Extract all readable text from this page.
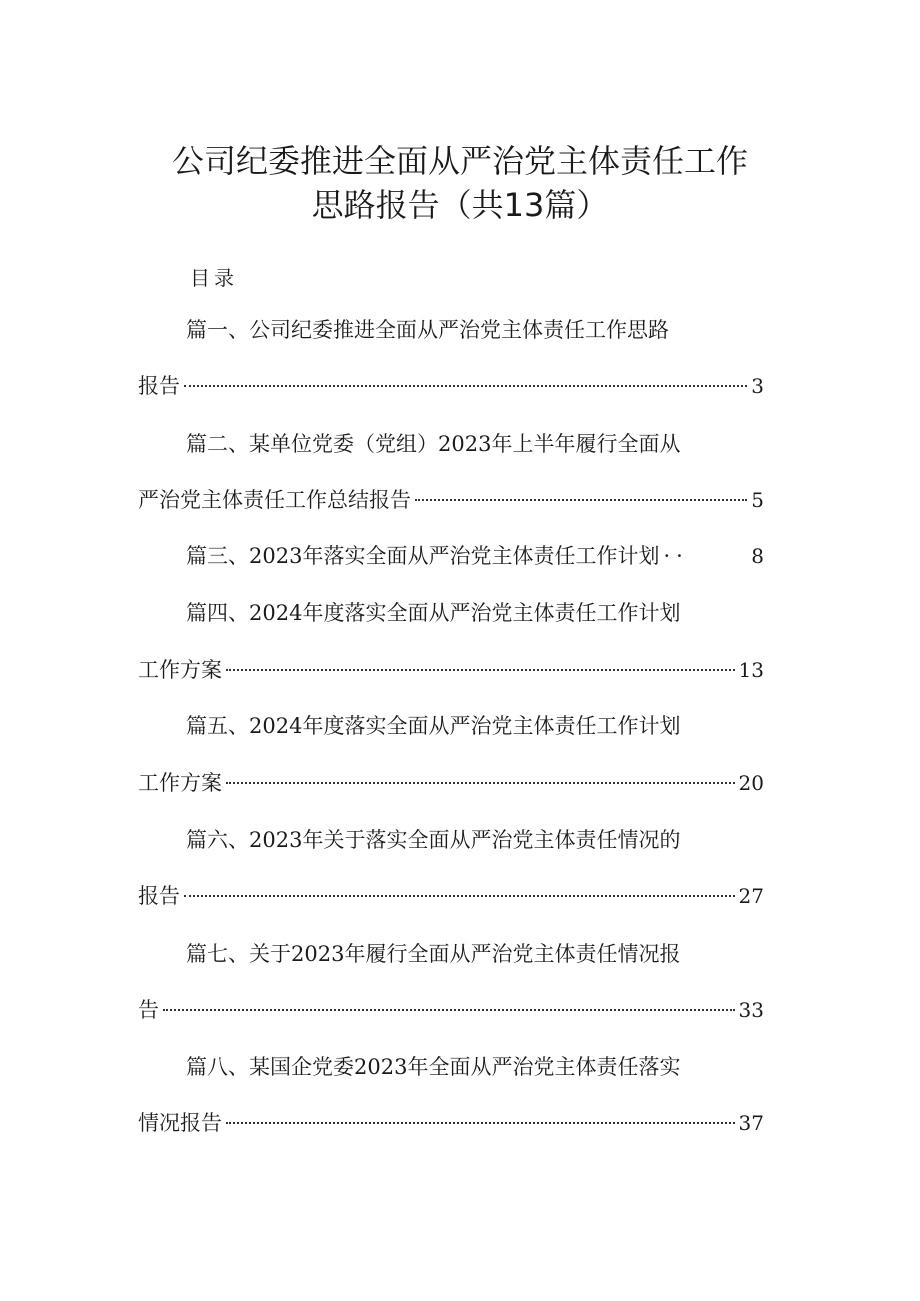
公司纪委推进全面从严治党主体责任工作
思路报告（共13篇）
目录
篇一、公司纪委推进全面从严治党主体责任工作思路
报告	3
篇二、某单位党委（党组）2023年上半年履行全面从
严治党主体责任工作总结报告	5
篇三、2023年落实全面从严治党主体责任工作计划 ··	8
篇四、2024年度落实全面从严治党主体责任工作计划
工作方案	13
篇五、2024年度落实全面从严治党主体责任工作计划
工作方案	20
篇六、2023年关于落实全面从严治党主体责任情况的
报告	27
篇七、关于2023年履行全面从严治党主体责任情况报
告	33
篇八、某国企党委2023年全面从严治党主体责任落实
情况报告	37
